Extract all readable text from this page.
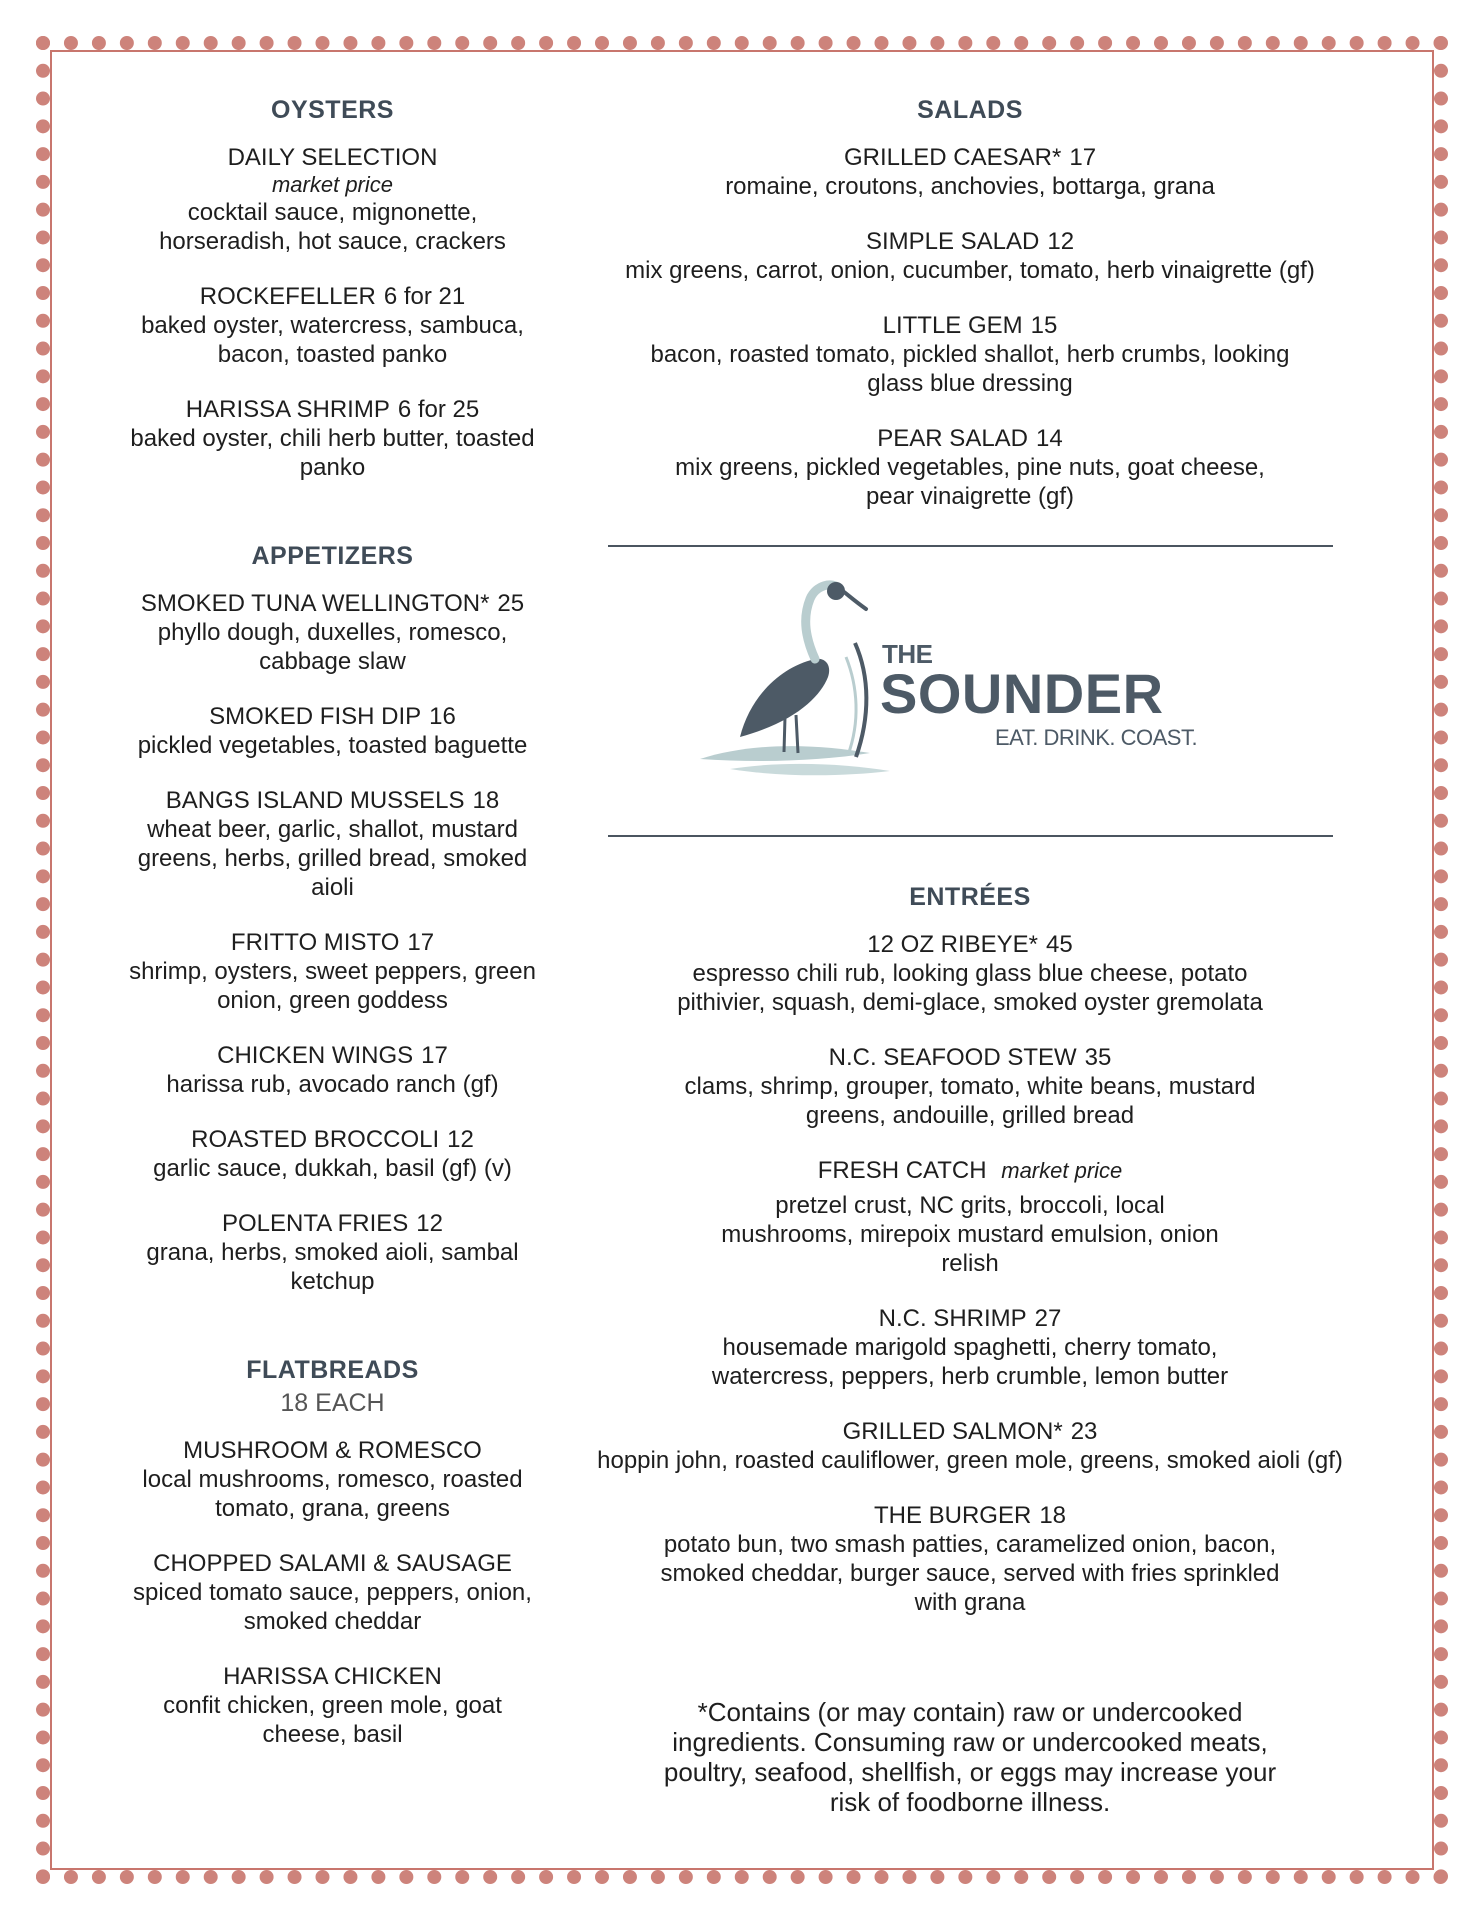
OYSTERS
DAILY SELECTION
market price
cocktail sauce, mignonette, horseradish, hot sauce, crackers
ROCKEFELLER 6 for 21
baked oyster, watercress, sambuca, bacon, toasted panko
HARISSA SHRIMP 6 for 25
baked oyster, chili herb butter, toasted panko
APPETIZERS
SMOKED TUNA WELLINGTON* 25
phyllo dough, duxelles, romesco, cabbage slaw
SMOKED FISH DIP 16
pickled vegetables, toasted baguette
BANGS ISLAND MUSSELS 18
wheat beer, garlic, shallot, mustard greens, herbs, grilled bread, smoked aioli
FRITTO MISTO 17
shrimp, oysters, sweet peppers, green onion, green goddess
CHICKEN WINGS 17
harissa rub, avocado ranch (gf)
ROASTED BROCCOLI 12
garlic sauce, dukkah, basil (gf) (v)
POLENTA FRIES 12
grana, herbs, smoked aioli, sambal ketchup
FLATBREADS
18 EACH
MUSHROOM & ROMESCO
local mushrooms, romesco, roasted tomato, grana, greens
CHOPPED SALAMI & SAUSAGE
spiced tomato sauce, peppers, onion, smoked cheddar
HARISSA CHICKEN
confit chicken, green mole, goat cheese, basil
SALADS
GRILLED CAESAR* 17
romaine, croutons, anchovies, bottarga, grana
SIMPLE SALAD 12
mix greens, carrot, onion, cucumber, tomato, herb vinaigrette (gf)
LITTLE GEM 15
bacon, roasted tomato, pickled shallot, herb crumbs, looking glass blue dressing
PEAR SALAD 14
mix greens, pickled vegetables, pine nuts, goat cheese, pear vinaigrette (gf)
THE
SOUNDER
EAT. DRINK. COAST.
ENTRÉES
12 OZ RIBEYE* 45
espresso chili rub, looking glass blue cheese, potato pithivier, squash, demi-glace, smoked oyster gremolata
N.C. SEAFOOD STEW 35
clams, shrimp, grouper, tomato, white beans, mustard greens, andouille, grilled bread
FRESH CATCH market price
pretzel crust, NC grits, broccoli, local mushrooms, mirepoix mustard emulsion, onion relish
N.C. SHRIMP 27
housemade marigold spaghetti, cherry tomato, watercress, peppers, herb crumble, lemon butter
GRILLED SALMON* 23
hoppin john, roasted cauliflower, green mole, greens, smoked aioli (gf)
THE BURGER 18
potato bun, two smash patties, caramelized onion, bacon, smoked cheddar, burger sauce, served with fries sprinkled with grana
*Contains (or may contain) raw or undercooked ingredients. Consuming raw or undercooked meats, poultry, seafood, shellfish, or eggs may increase your risk of foodborne illness.
